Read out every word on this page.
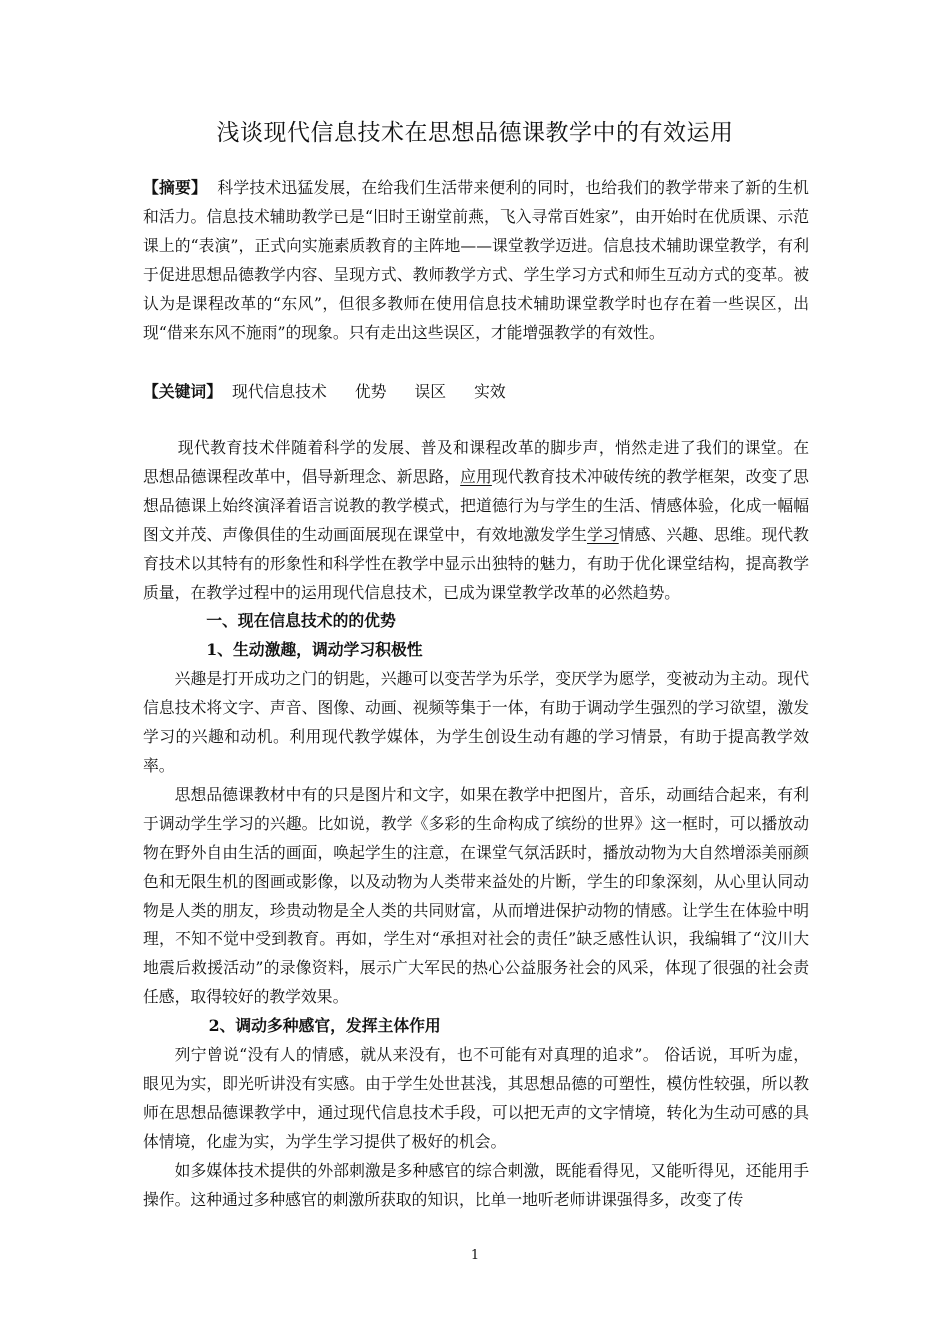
浅谈现代信息技术在思想品德课教学中的有效运用
【摘要】 科学技术迅猛发展，在给我们生活带来便利的同时，也给我们的教学带来了新的生机和活力。信息技术辅助教学已是“旧时王谢堂前燕，飞入寻常百姓家”，由开始时在优质课、示范课上的“表演”，正式向实施素质教育的主阵地——课堂教学迈进。信息技术辅助课堂教学，有利于促进思想品德教学内容、呈现方式、教师教学方式、学生学习方式和师生互动方式的变革。被认为是课程改革的“东风”，但很多教师在使用信息技术辅助课堂教学时也存在着一些误区，出现“借来东风不施雨”的现象。只有走出这些误区，才能增强教学的有效性。
【关键词】 现代信息技术 优势 误区 实效

现代教育技术伴随着科学的发展、普及和课程改革的脚步声，悄然走进了我们的课堂。在思想品德课程改革中，倡导新理念、新思路，应用现代教育技术冲破传统的教学框架，改变了思想品德课上始终演泽着语言说教的教学模式，把道德行为与学生的生活、情感体验，化成一幅幅图文并茂、声像俱佳的生动画面展现在课堂中，有效地激发学生学习情感、兴趣、思维。现代教育技术以其特有的形象性和科学性在教学中显示出独特的魅力，有助于优化课堂结构，提高教学质量，在教学过程中的运用现代信息技术，已成为课堂教学改革的必然趋势。

一、现在信息技术的的优势

1、生动激趣，调动学习积极性

兴趣是打开成功之门的钥匙，兴趣可以变苦学为乐学，变厌学为愿学，变被动为主动。现代信息技术将文字、声音、图像、动画、视频等集于一体，有助于调动学生强烈的学习欲望，激发学习的兴趣和动机。利用现代教学媒体，为学生创设生动有趣的学习情景，有助于提高教学效率。

思想品德课教材中有的只是图片和文字，如果在教学中把图片，音乐，动画结合起来，有利于调动学生学习的兴趣。比如说，教学《多彩的生命构成了缤纷的世界》这一框时，可以播放动物在野外自由生活的画面，唤起学生的注意，在课堂气氛活跃时，播放动物为大自然增添美丽颜色和无限生机的图画或影像，以及动物为人类带来益处的片断，学生的印象深刻，从心里认同动物是人类的朋友，珍贵动物是全人类的共同财富，从而增进保护动物的情感。让学生在体验中明理，不知不觉中受到教育。再如，学生对“承担对社会的责任”缺乏感性认识，我编辑了“汶川大地震后救援活动”的录像资料，展示广大军民的热心公益服务社会的风采，体现了很强的社会责任感，取得较好的教学效果。

2、调动多种感官，发挥主体作用

列宁曾说“没有人的情感，就从来没有，也不可能有对真理的追求”。 俗话说，耳听为虚，眼见为实，即光听讲没有实感。由于学生处世甚浅，其思想品德的可塑性，模仿性较强，所以教师在思想品德课教学中，通过现代信息技术手段，可以把无声的文字情境，转化为生动可感的具体情境，化虚为实，为学生学习提供了极好的机会。

如多媒体技术提供的外部刺激是多种感官的综合刺激，既能看得见，又能听得见，还能用手操作。这种通过多种感官的刺激所获取的知识，比单一地听老师讲课强得多，改变了传

1
